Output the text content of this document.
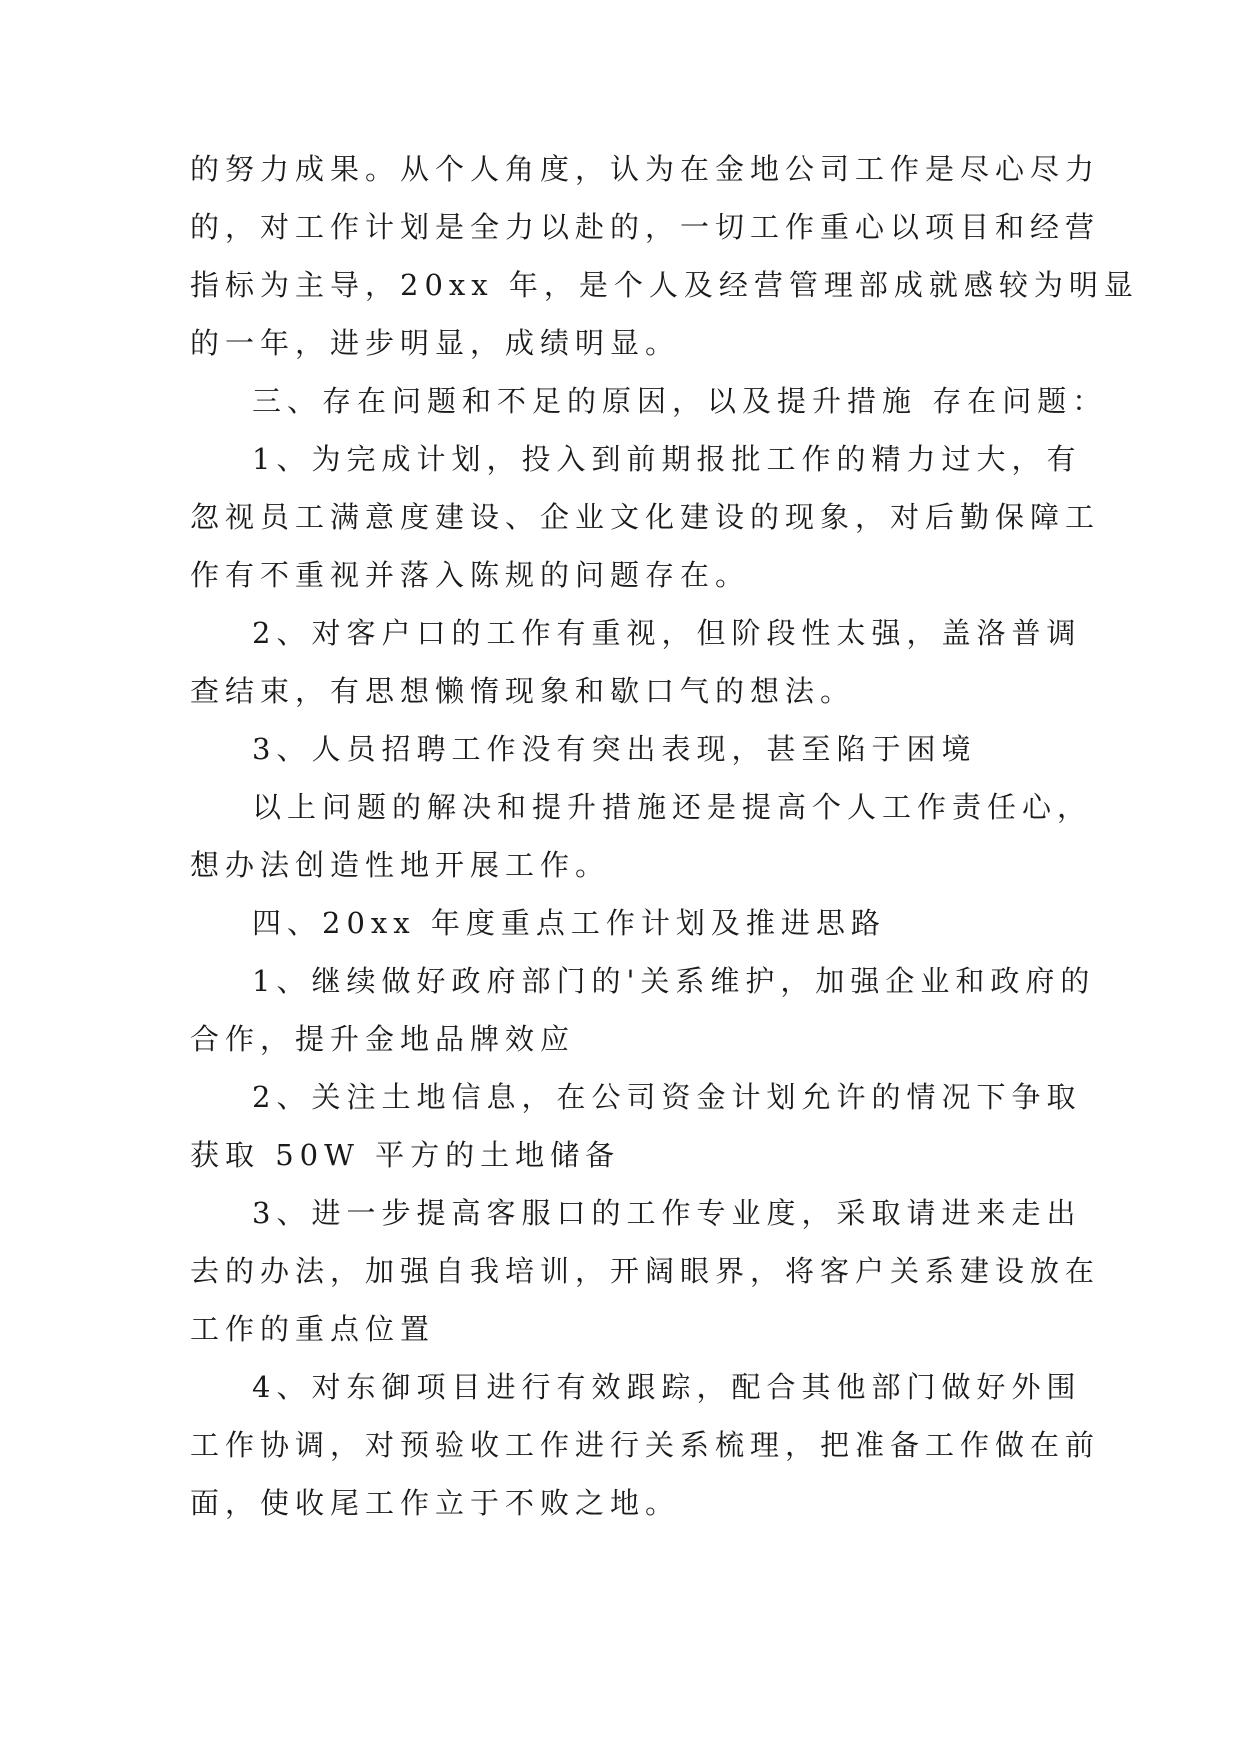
的努力成果。从个人角度，认为在金地公司工作是尽心尽力
的，对工作计划是全力以赴的，一切工作重心以项目和经营
指标为主导，20xx 年，是个人及经营管理部成就感较为明显
的一年，进步明显，成绩明显。
三、存在问题和不足的原因，以及提升措施 存在问题：
1、为完成计划，投入到前期报批工作的精力过大，有
忽视员工满意度建设、企业文化建设的现象，对后勤保障工
作有不重视并落入陈规的问题存在。
2、对客户口的工作有重视，但阶段性太强，盖洛普调
查结束，有思想懒惰现象和歇口气的想法。
3、人员招聘工作没有突出表现，甚至陷于困境
以上问题的解决和提升措施还是提高个人工作责任心，
想办法创造性地开展工作。
四、20xx 年度重点工作计划及推进思路
1、继续做好政府部门的'关系维护，加强企业和政府的
合作，提升金地品牌效应
2、关注土地信息，在公司资金计划允许的情况下争取
获取 50W 平方的土地储备
3、进一步提高客服口的工作专业度，采取请进来走出
去的办法，加强自我培训，开阔眼界，将客户关系建设放在
工作的重点位置
4、对东御项目进行有效跟踪，配合其他部门做好外围
工作协调，对预验收工作进行关系梳理，把准备工作做在前
面，使收尾工作立于不败之地。
